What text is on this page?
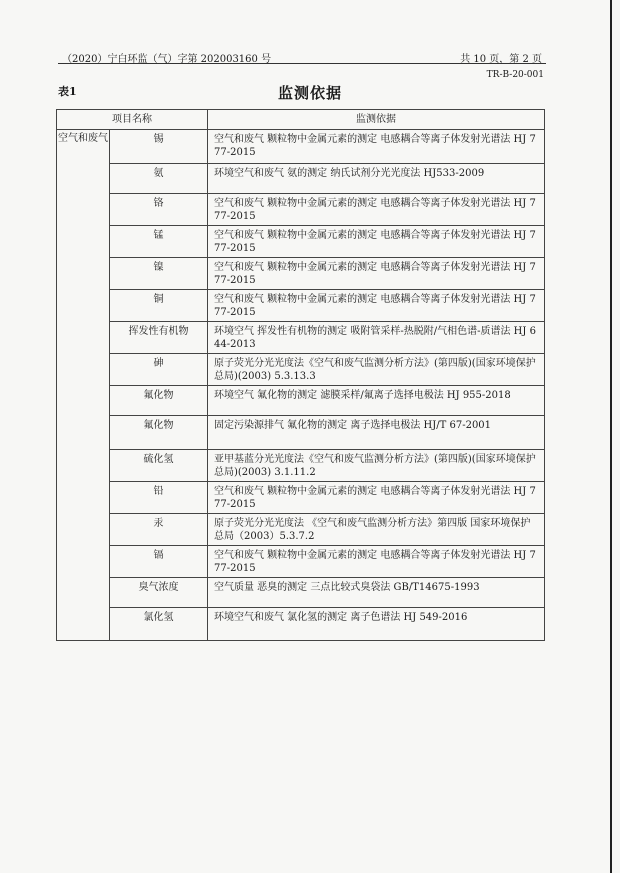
（2020）宁白环监（气）字第 202003160 号	共 10 页，第 2 页
TR-B-20-001
表1	监测依据
项目名称		监测依据
空气和废气	锡	空气和废气 颗粒物中金属元素的测定 电感耦合等离子体发射光谱法 HJ 777-2015
	氨	环境空气和废气 氨的测定 纳氏试剂分光光度法 HJ533-2009
	铬	空气和废气 颗粒物中金属元素的测定 电感耦合等离子体发射光谱法 HJ 777-2015
	锰	空气和废气 颗粒物中金属元素的测定 电感耦合等离子体发射光谱法 HJ 777-2015
	镍	空气和废气 颗粒物中金属元素的测定 电感耦合等离子体发射光谱法 HJ 777-2015
	铜	空气和废气 颗粒物中金属元素的测定 电感耦合等离子体发射光谱法 HJ 777-2015
	挥发性有机物	环境空气 挥发性有机物的测定 吸附管采样-热脱附/气相色谱-质谱法 HJ 644-2013
	砷	原子荧光分光光度法《空气和废气监测分析方法》(第四版)(国家环境保护总局)(2003) 5.3.13.3
	氟化物	环境空气 氟化物的测定 滤膜采样/氟离子选择电极法 HJ 955-2018
	氟化物	固定污染源排气 氟化物的测定 离子选择电极法 HJ/T 67-2001
	硫化氢	亚甲基蓝分光光度法《空气和废气监测分析方法》(第四版)(国家环境保护总局)(2003) 3.1.11.2
	铅	空气和废气 颗粒物中金属元素的测定 电感耦合等离子体发射光谱法 HJ 777-2015
	汞	原子荧光分光光度法 《空气和废气监测分析方法》第四版 国家环境保护总局（2003）5.3.7.2
	镉	空气和废气 颗粒物中金属元素的测定 电感耦合等离子体发射光谱法 HJ 777-2015
	臭气浓度	空气质量 恶臭的测定 三点比较式臭袋法 GB/T14675-1993
	氯化氢	环境空气和废气 氯化氢的测定 离子色谱法 HJ 549-2016
